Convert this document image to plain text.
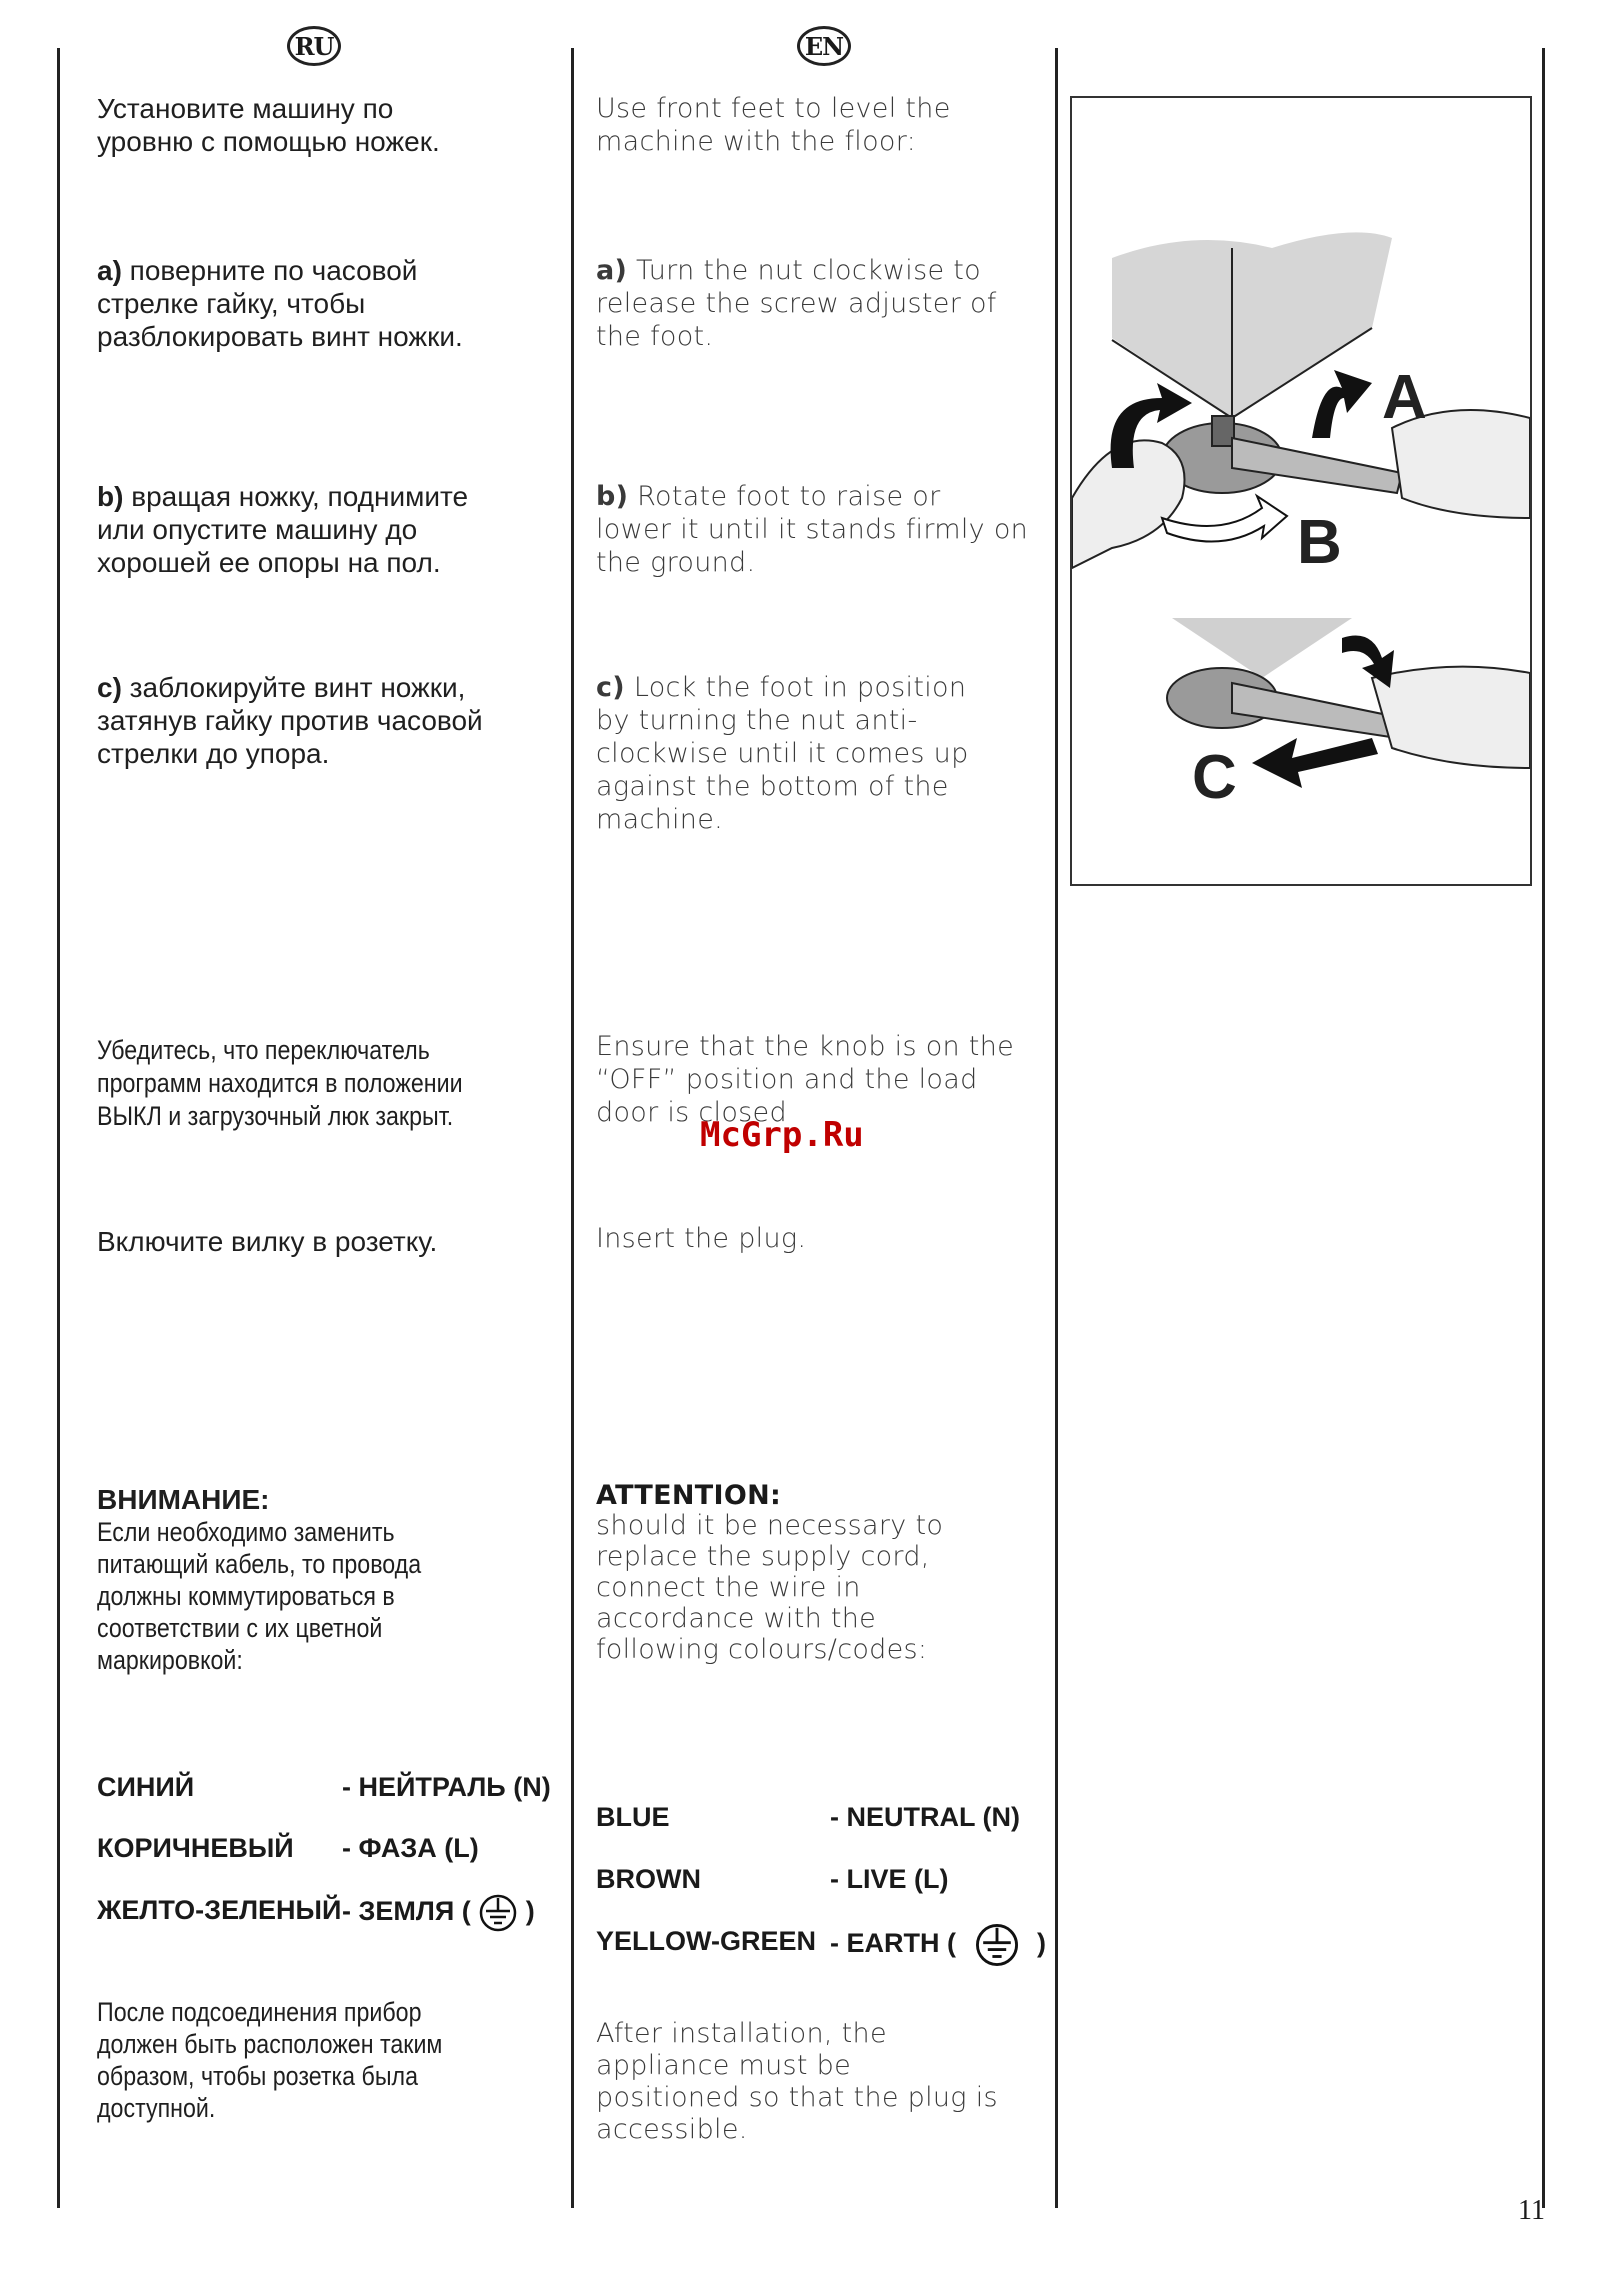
RU	EN
Установите машину по
уровню с помощью ножек.
a) поверните по часовой
стрелке гайку, чтобы
разблокировать винт ножки.
b) вращая ножку, поднимите
или опустите машину до
хорошей ее опоры на пол.
c) заблокируйте винт ножки,
затянув гайку против часовой
стрелки до упора.
Убедитесь, что переключатель
программ находится в положении
ВЫКЛ и загрузочный люк закрыт.
Включите вилку в розетку.
ВНИМАНИЕ:
Если необходимо заменить
питающий кабель, то провода
должны коммутироваться в
соответствии с их цветной
маркировкой:
СИНИЙ	- НЕЙТРАЛЬ (N)
КОРИЧНЕВЫЙ - ФАЗА (L)
ЖЕЛТО-ЗЕЛЕНЫЙ - ЗЕМЛЯ ( )
После подсоединения прибор
должен быть расположен таким
образом, чтобы розетка была
доступной.
Use front feet to level the
machine with the floor:
a) Turn the nut clockwise to
release the screw adjuster of
the foot.
b) Rotate foot to raise or
lower it until it stands firmly on
the ground.
c) Lock the foot in position
by turning the nut anti-
clockwise until it comes up
against the bottom of the
machine.
Ensure that the knob is on the
“OFF” position and the load
door is closed
Insert the plug.
ATTENTION:
should it be necessary to
replace the supply cord,
connect the wire in
accordance with the
following colours/codes:
BLUE	- NEUTRAL (N)
BROWN	- LIVE (L)
YELLOW-GREEN - EARTH (	)
After installation, the
appliance must be
positioned so that the plug is
accessible.
A
B
C
McGrp.Ru
11
